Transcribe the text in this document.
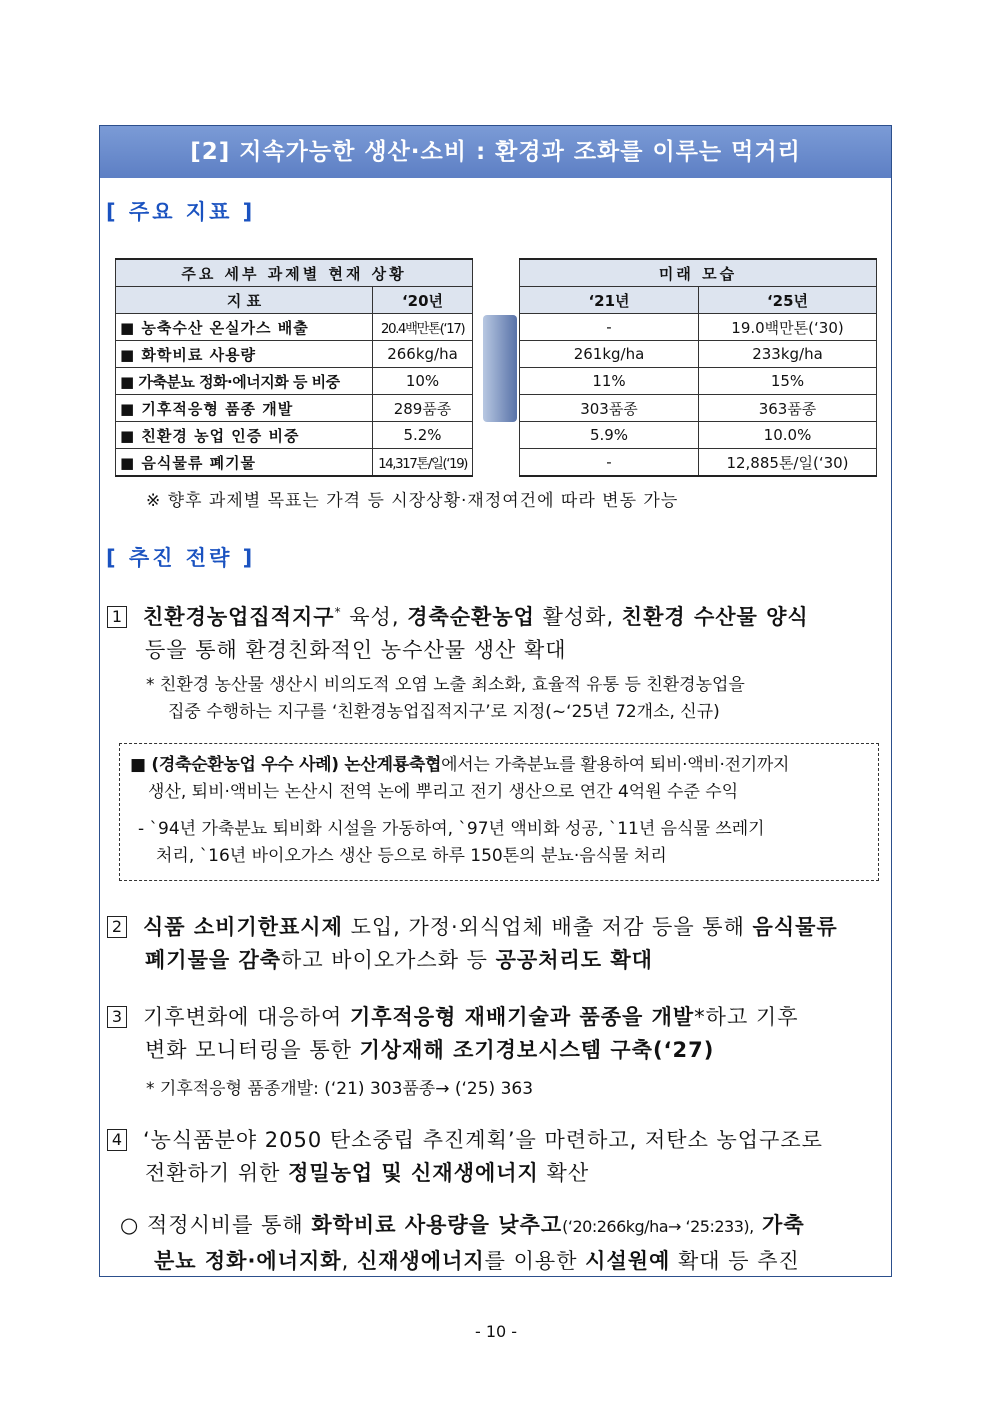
[2] 지속가능한 생산·소비 : 환경과 조화를 이루는 먹거리
[ 주요 지표 ]
주요 세부 과제별 현재 상황	
지 표	‘20년
■ 농축수산 온실가스 배출	20.4백만톤(‘17)
■ 화학비료 사용량	266kg/ha
■ 가축분뇨 정화·에너지화 등 비중	10%
■ 기후적응형 품종 개발	289품종
■ 친환경 농업 인증 비중	5.2%
■ 음식물류 폐기물	14,317톤/일(‘19)
미래 모습	
‘21년	‘25년
-	19.0백만톤(‘30)
261kg/ha	233kg/ha
11%	15%
303품종	363품종
5.9%	10.0%
-	12,885톤/일(‘30)
※ 향후 과제별 목표는 가격 등 시장상황·재정여건에 따라 변동 가능
[ 추진 전략 ]
1 친환경농업집적지구* 육성, 경축순환농업 활성화, 친환경 수산물 양식
등을 통해 환경친화적인 농수산물 생산 확대
* 친환경 농산물 생산시 비의도적 오염 노출 최소화, 효율적 유통 등 친환경농업을
집중 수행하는 지구를 ‘친환경농업집적지구’로 지정(~‘25년 72개소, 신규)
■ (경축순환농업 우수 사례) 논산계룡축협에서는 가축분뇨를 활용하여 퇴비·액비·전기까지
생산, 퇴비·액비는 논산시 전역 논에 뿌리고 전기 생산으로 연간 4억원 수준 수익
- `94년 가축분뇨 퇴비화 시설을 가동하여, `97년 액비화 성공, `11년 음식물 쓰레기
처리, `16년 바이오가스 생산 등으로 하루 150톤의 분뇨·음식물 처리
2 식품 소비기한표시제 도입, 가정·외식업체 배출 저감 등을 통해 음식물류
폐기물을 감축하고 바이오가스화 등 공공처리도 확대
3 기후변화에 대응하여 기후적응형 재배기술과 품종을 개발*하고 기후
변화 모니터링을 통한 기상재해 조기경보시스템 구축(‘27)
* 기후적응형 품종개발: (‘21) 303품종→ (‘25) 363
4 ‘농식품분야 2050 탄소중립 추진계획’을 마련하고, 저탄소 농업구조로
전환하기 위한 정밀농업 및 신재생에너지 확산
○ 적정시비를 통해 화학비료 사용량을 낮추고(‘20:266kg/ha→ ‘25:233), 가축
분뇨 정화·에너지화, 신재생에너지를 이용한 시설원예 확대 등 추진
- 10 -
